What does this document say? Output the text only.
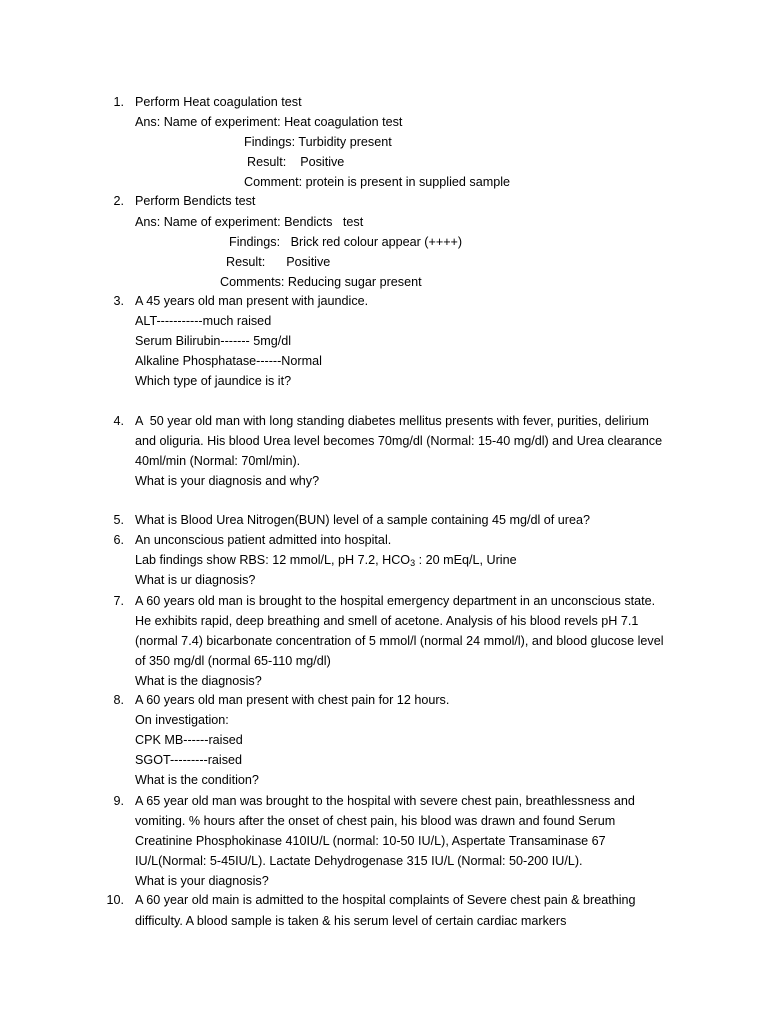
1. Perform Heat coagulation test
Ans: Name of experiment: Heat coagulation test
Findings: Turbidity present
Result:    Positive
Comment: protein is present in supplied sample
2. Perform Bendicts test
Ans: Name of experiment: Bendicts   test
Findings:   Brick red colour appear (++++)
Result:      Positive
Comments: Reducing sugar present
3. A 45 years old man present with jaundice.
ALT-----------much raised
Serum Bilirubin------- 5mg/dl
Alkaline Phosphatase------Normal
Which type of jaundice is it?
4. A  50 year old man with long standing diabetes mellitus presents with fever, purities, delirium
and oliguria. His blood Urea level becomes 70mg/dl (Normal: 15-40 mg/dl) and Urea clearance
40ml/min (Normal: 70ml/min).
What is your diagnosis and why?
5. What is Blood Urea Nitrogen(BUN) level of a sample containing 45 mg/dl of urea?
6. An unconscious patient admitted into hospital.
Lab findings show RBS: 12 mmol/L, pH 7.2, $HCO_3$ : 20 mEq/L, Urine
What is ur diagnosis?
7. A 60 years old man is brought to the hospital emergency department in an unconscious state.
He exhibits rapid, deep breathing and smell of acetone. Analysis of his blood revels pH 7.1
(normal 7.4) bicarbonate concentration of 5 mmol/l (normal 24 mmol/l), and blood glucose level
of 350 mg/dl (normal 65-110 mg/dl)
What is the diagnosis?
8. A 60 years old man present with chest pain for 12 hours.
On investigation:
CPK MB------raised
SGOT---------raised
What is the condition?
9. A 65 year old man was brought to the hospital with severe chest pain, breathlessness and
vomiting. % hours after the onset of chest pain, his blood was drawn and found Serum
Creatinine Phosphokinase 410IU/L (normal: 10-50 IU/L), Aspertate Transaminase 67
IU/L(Normal: 5-45IU/L). Lactate Dehydrogenase 315 IU/L (Normal: 50-200 IU/L).
What is your diagnosis?
10. A 60 year old main is admitted to the hospital complaints of Severe chest pain & breathing
difficulty. A blood sample is taken & his serum level of certain cardiac markers
